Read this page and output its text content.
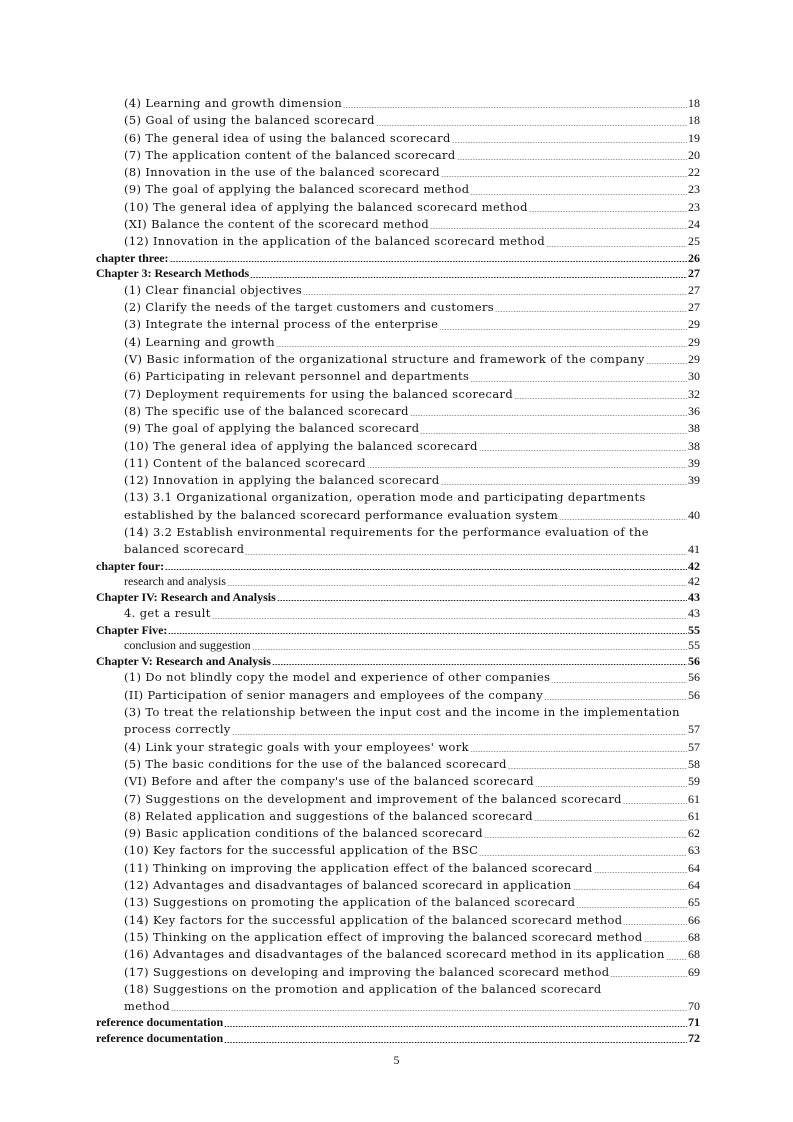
(4) Learning and growth dimension	18
(5) Goal of using the balanced scorecard	18
(6) The general idea of using the balanced scorecard	19
(7) The application content of the balanced scorecard	20
(8) Innovation in the use of the balanced scorecard	22
(9) The goal of applying the balanced scorecard method	23
(10) The general idea of applying the balanced scorecard method	23
(XI) Balance the content of the scorecard method	24
(12) Innovation in the application of the balanced scorecard method	25
chapter three:	26
Chapter 3: Research Methods	27
(1) Clear financial objectives	27
(2) Clarify the needs of the target customers and customers	27
(3) Integrate the internal process of the enterprise	29
(4) Learning and growth	29
(V) Basic information of the organizational structure and framework of the company	29
(6) Participating in relevant personnel and departments	30
(7) Deployment requirements for using the balanced scorecard	32
(8) The specific use of the balanced scorecard	36
(9) The goal of applying the balanced scorecard	38
(10) The general idea of applying the balanced scorecard	38
(11) Content of the balanced scorecard	39
(12) Innovation in applying the balanced scorecard	39
(13) 3.1 Organizational organization, operation mode and participating departments
established by the balanced scorecard performance evaluation system	40
(14) 3.2 Establish environmental requirements for the performance evaluation of the
balanced scorecard	41
chapter four:	42
research and analysis	42
Chapter IV: Research and Analysis	43
4. get a result	43
Chapter Five:	55
conclusion and suggestion	55
Chapter V: Research and Analysis	56
(1) Do not blindly copy the model and experience of other companies	56
(II) Participation of senior managers and employees of the company	56
(3) To treat the relationship between the input cost and the income in the implementation
process correctly	57
(4) Link your strategic goals with your employees' work	57
(5) The basic conditions for the use of the balanced scorecard	58
(VI) Before and after the company's use of the balanced scorecard	59
(7) Suggestions on the development and improvement of the balanced scorecard	61
(8) Related application and suggestions of the balanced scorecard	61
(9) Basic application conditions of the balanced scorecard	62
(10) Key factors for the successful application of the BSC	63
(11) Thinking on improving the application effect of the balanced scorecard	64
(12) Advantages and disadvantages of balanced scorecard in application	64
(13) Suggestions on promoting the application of the balanced scorecard	65
(14) Key factors for the successful application of the balanced scorecard method	66
(15) Thinking on the application effect of improving the balanced scorecard method	68
(16) Advantages and disadvantages of the balanced scorecard method in its application 68
(17) Suggestions on developing and improving the balanced scorecard method	69
(18) Suggestions on the promotion and application of the balanced scorecard
method	70
reference documentation	71
reference documentation	72
5
